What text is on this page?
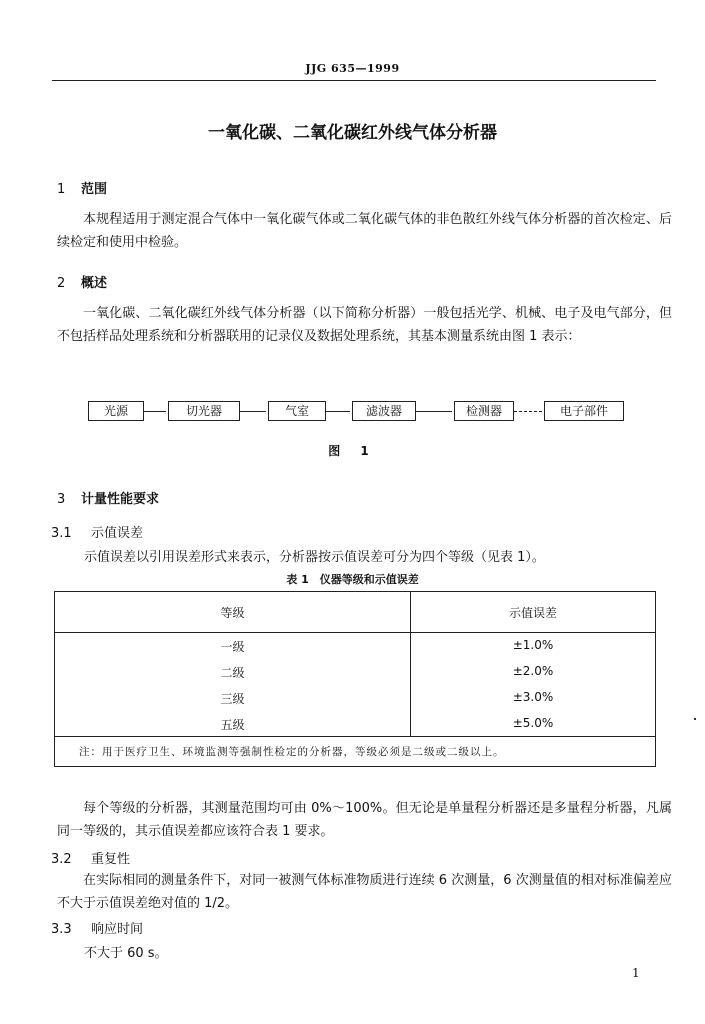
JJG 635—1999
一氧化碳、二氧化碳红外线气体分析器
1 范围
本规程适用于测定混合气体中一氧化碳气体或二氧化碳气体的非色散红外线气体分析器的首次检定、后续检定和使用中检验。
2 概述
一氧化碳、二氧化碳红外线气体分析器（以下简称分析器）一般包括光学、机械、电子及电气部分，但不包括样品处理系统和分析器联用的记录仪及数据处理系统，其基本测量系统由图 1 表示：
光源	切光器	气室	滤波器	检测器	电子部件
图 1
3 计量性能要求
3.1 示值误差
示值误差以引用误差形式来表示，分析器按示值误差可分为四个等级（见表 1）。
表 1　仪器等级和示值误差
等级	示值误差
一级	±1.0%
二级	±2.0%
三级	±3.0%
五级	±5.0%
注：用于医疗卫生、环境监测等强制性检定的分析器，等级必须是二级或二级以上。
每个等级的分析器，其测量范围均可由 0%～100%。但无论是单量程分析器还是多量程分析器，凡属同一等级的，其示值误差都应该符合表 1 要求。
3.2 重复性
在实际相同的测量条件下，对同一被测气体标准物质进行连续 6 次测量，6 次测量值的相对标准偏差应不大于示值误差绝对值的 1/2。
3.3 响应时间
不大于 60 s。
1
